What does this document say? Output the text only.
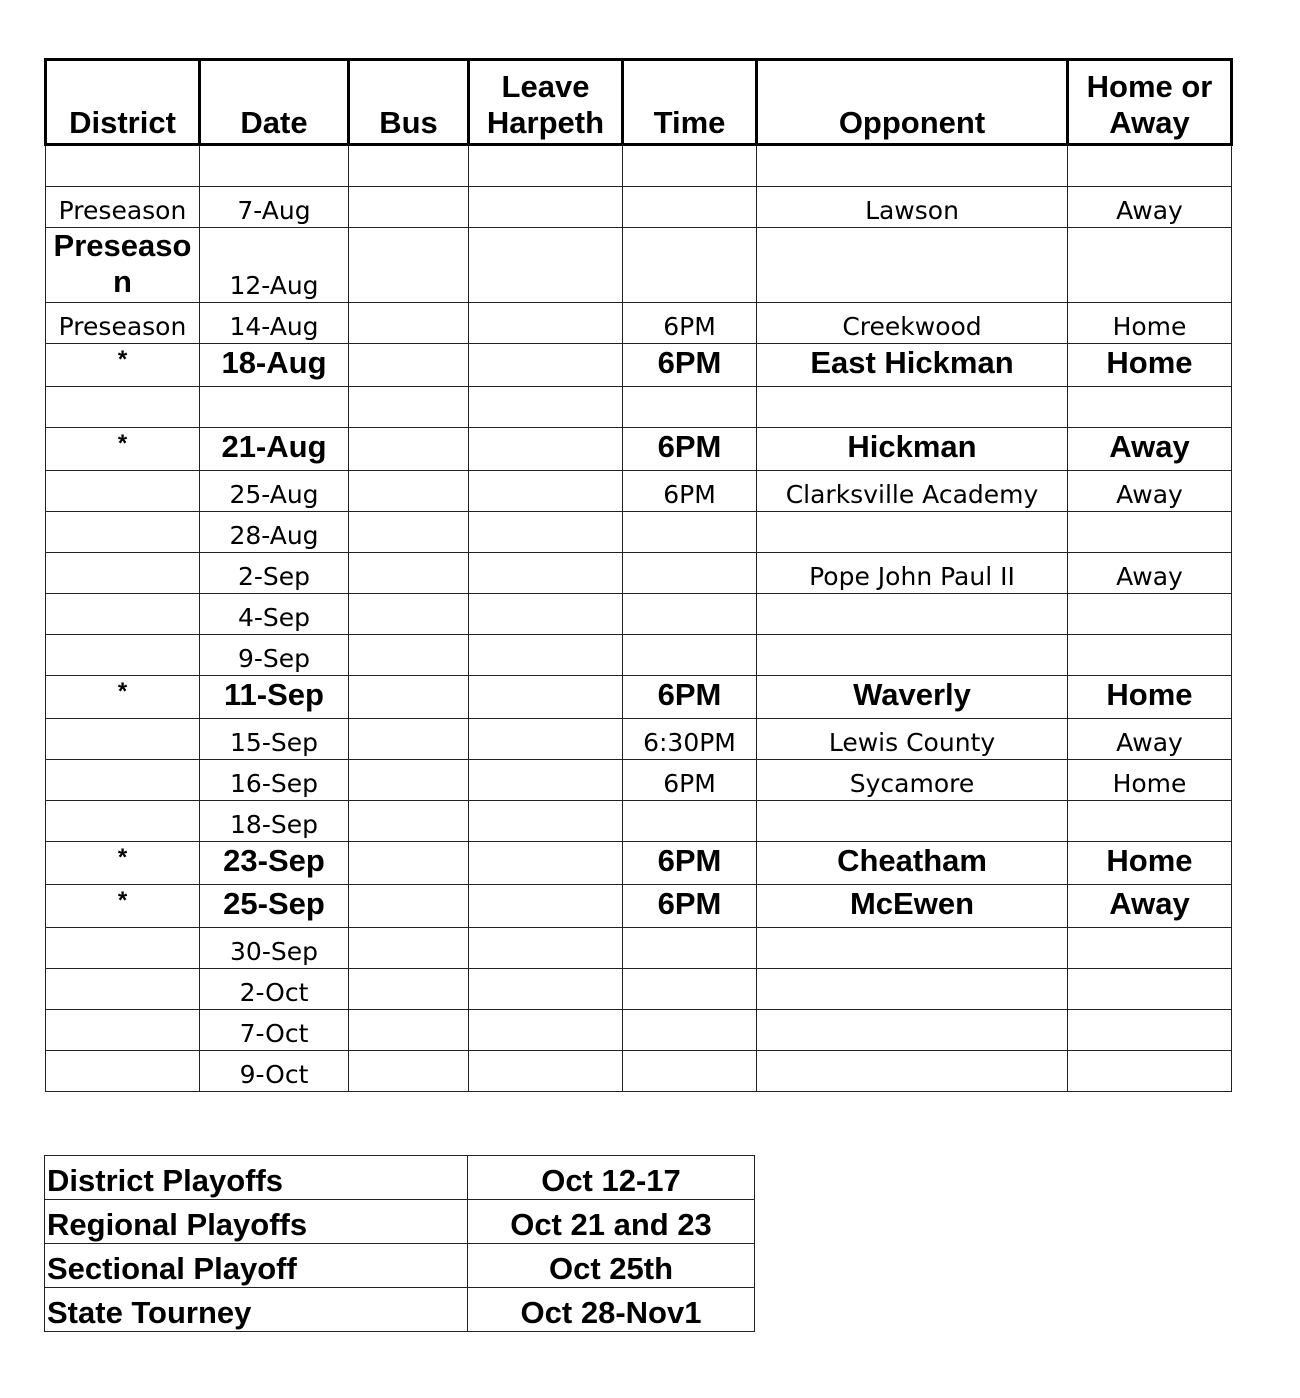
District	Date	Bus	Leave Harpeth	Time	Opponent	Home or Away

Preseason	7-Aug				Lawson	Away
Preseaso n	12-Aug					
Preseason	14-Aug			6PM	Creekwood	Home
*	18-Aug			6PM	East Hickman	Home

*	21-Aug			6PM	Hickman	Away
	25-Aug			6PM	Clarksville Academy	Away
	28-Aug					
	2-Sep				Pope John Paul II	Away
	4-Sep					
	9-Sep					
*	11-Sep			6PM	Waverly	Home
	15-Sep			6:30PM	Lewis County	Away
	16-Sep			6PM	Sycamore	Home
	18-Sep					
*	23-Sep			6PM	Cheatham	Home
*	25-Sep			6PM	McEwen	Away
	30-Sep					
	2-Oct					
	7-Oct					
	9-Oct					
District Playoffs	Oct 12-17
Regional Playoffs	Oct 21 and 23
Sectional Playoff	Oct 25th
State Tourney	Oct 28-Nov1
